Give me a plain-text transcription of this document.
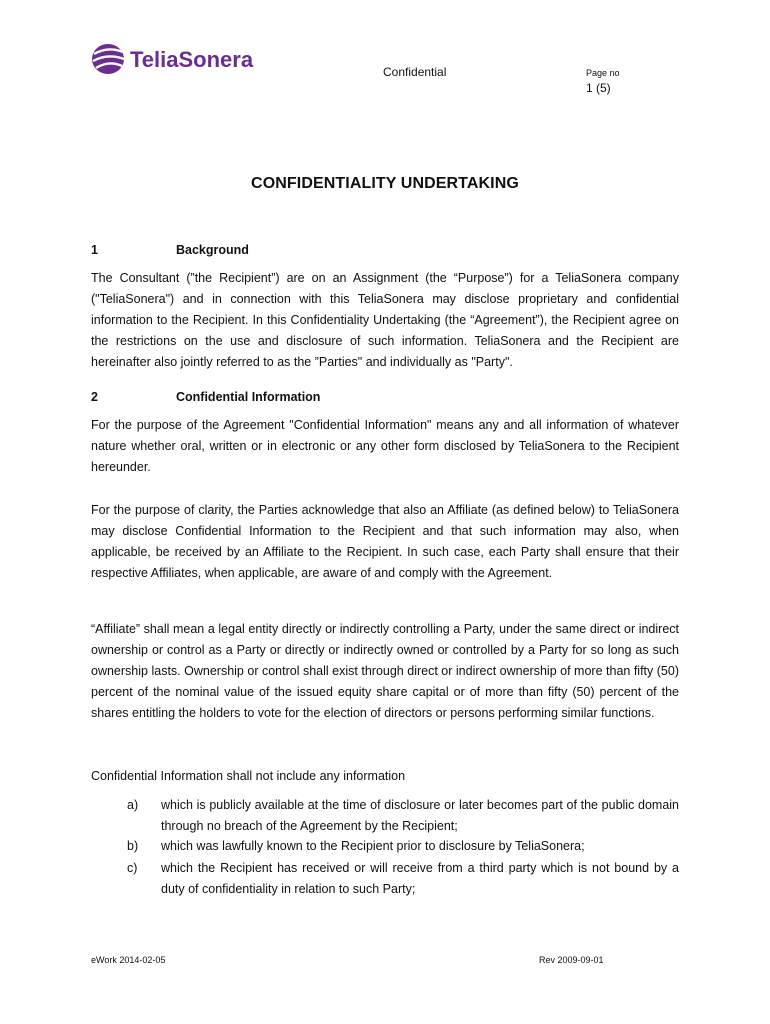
TeliaSonera	Confidential	Page no
1 (5)
CONFIDENTIALITY UNDERTAKING
1	Background

The Consultant (”the Recipient”) are on an Assignment (the “Purpose”) for a TeliaSonera company ("TeliaSonera") and in connection with this TeliaSonera may disclose proprietary and confidential information to the Recipient. In this Confidentiality Undertaking (the “Agreement”), the Recipient agree on the restrictions on the use and disclosure of such information. TeliaSonera and the Recipient are hereinafter also jointly referred to as the ”Parties" and individually as "Party".

2	Confidential Information

For the purpose of the Agreement "Confidential Information" means any and all information of whatever nature whether oral, written or in electronic or any other form disclosed by TeliaSonera to the Recipient hereunder.

For the purpose of clarity, the Parties acknowledge that also an Affiliate (as defined below) to TeliaSonera may disclose Confidential Information to the Recipient and that such information may also, when applicable, be received by an Affiliate to the Recipient. In such case, each Party shall ensure that their respective Affiliates, when applicable, are aware of and comply with the Agreement.

“Affiliate” shall mean a legal entity directly or indirectly controlling a Party, under the same direct or indirect ownership or control as a Party or directly or indirectly owned or controlled by a Party for so long as such ownership lasts. Ownership or control shall exist through direct or indirect ownership of more than fifty (50) percent of the nominal value of the issued equity share capital or of more than fifty (50) percent of the shares entitling the holders to vote for the election of directors or persons performing similar functions.

Confidential Information shall not include any information

a) which is publicly available at the time of disclosure or later becomes part of the public domain through no breach of the Agreement by the Recipient;

b) which was lawfully known to the Recipient prior to disclosure by TeliaSonera;

c) which the Recipient has received or will receive from a third party which is not bound by a duty of confidentiality in relation to such Party;

eWork 2014-02-05	Rev 2009-09-01
